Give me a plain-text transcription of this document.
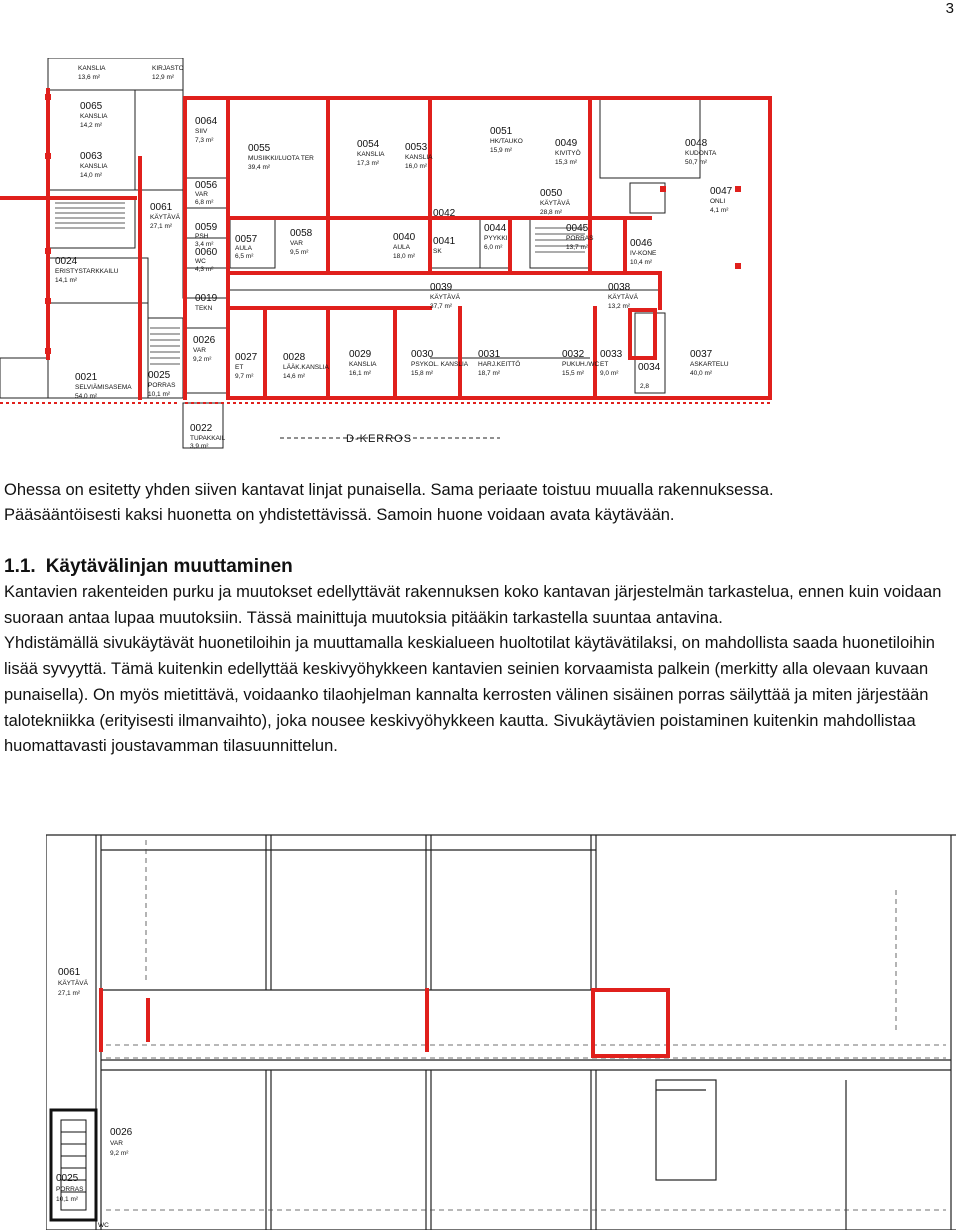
3
KANSLIA
13,6 m²
KIRJASTO
12,9 m²
0065
KANSLIA
14,2 m²
0063
KANSLIA
14,0 m²
0064
SIIV
7,3 m²
0055
MUSIIKKI/LUOTA TER
39,4 m²
0054
KANSLIA
17,3 m²
0053
KANSLIA
16,0 m²
0051
HK/TAUKO
15,9 m²
0049
KIVITYÖ
15,3 m²
0048
KUDONTA
50,7 m²
0050
KÄYTÄVÄ
28,8 m²
0047
ONLI
4,1 m²
0024
ERISTYSTARKKAILU
14,1 m²
0061
KÄYTÄVÄ
27,1 m²
0056
VAR
6,8 m²
0059
PSH
3,4 m²
0060
WC
4,3 m²
0057
AULA
6,5 m²
0058
VAR
9,5 m²
0040
AULA
18,0 m²
0041
SK
0042
0044
PYYKKI
6,0 m²
0045
PORRAS
13,7 m²	0046
IV-KONE
10,4 m²
0019
TEKN
0039
KÄYTÄVÄ
37,7 m²
0038
KÄYTÄVÄ
13,2 m²
0026
VAR
9,2 m² 0027
ET
9,7 m²
0028
LÄÄK.KANSLIA
14,6 m²
0029
KANSLIA
16,1 m²
0030
PSYKOL. KANSLIA
15,8 m²
0031
HARJ.KEITTÖ
18,7 m²
0032
PUKUH./WC
15,5 m²
0033
ET
9,0 m²
0034
2,8
0037
ASKARTELU
40,0 m²
0021
SELVIÄMISASEMA
54,0 m²
0025
PORRAS
10,1 m²
0022
TUPAKKAIL
3,9 m²
D-KERROS

Ohessa on esitetty yhden siiven kantavat linjat punaisella. Sama periaate toistuu muualla rakennuksessa.

Pääsääntöisesti kaksi huonetta on yhdistettävissä. Samoin huone voidaan avata käytävään.

1.1. Käytävälinjan muuttaminen

Kantavien rakenteiden purku ja muutokset edellyttävät rakennuksen koko kantavan järjestelmän tarkastelua, ennen kuin voidaan suoraan antaa lupaa muutoksiin. Tässä mainittuja muutoksia pitääkin tarkastella suuntaa antavina.

Yhdistämällä sivukäytävät huonetiloihin ja muuttamalla keskialueen huoltotilat käytävätilaksi, on mahdollista saada huonetiloihin lisää syvyyttä. Tämä kuitenkin edellyttää keskivyöhykkeen kantavien seinien korvaamista palkein (merkitty alla olevaan kuvaan punaisella). On myös mietittävä, voidaanko tilaohjelman kannalta kerrosten välinen sisäinen porras säilyttää ja miten järjestään talotekniikka (erityisesti ilmanvaihto), joka nousee keskivyöhykkeen kautta. Sivukäytävien poistaminen kuitenkin mahdollistaa huomattavasti joustavamman tilasuunnittelun.

0061
KÄYTÄVÄ
27,1 m²
0026
VAR
9,2 m²
0025
PORRAS
10,1 m²
WC
